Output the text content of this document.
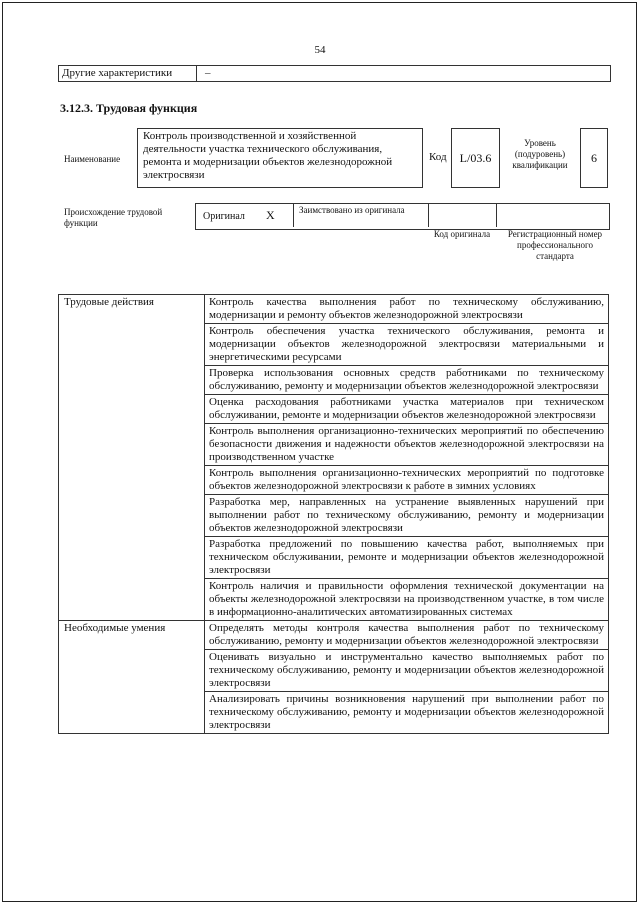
54
Другие характеристики	–
3.12.3. Трудовая функция
Наименование
Контроль производственной и хозяйственной деятельности участка технического обслуживания, ремонта и модернизации объектов железнодорожной электросвязи
Код	L/03.6
Уровень (подуровень) квалификации	6
Происхождение трудовой функции
Оригинал X	Заимствовано из оригинала
Код оригинала	Регистрационный номер профессионального стандарта
Трудовые действия	Контроль качества выполнения работ по техническому обслуживанию, модернизации и ремонту объектов железнодорожной электросвязи
	Контроль обеспечения участка технического обслуживания, ремонта и модернизации объектов железнодорожной электросвязи материальными и энергетическими ресурсами
	Проверка использования основных средств работниками по техническому обслуживанию, ремонту и модернизации объектов железнодорожной электросвязи
	Оценка расходования работниками участка материалов при техническом обслуживании, ремонте и модернизации объектов железнодорожной электросвязи
	Контроль выполнения организационно-технических мероприятий по обеспечению безопасности движения и надежности объектов железнодорожной электросвязи на производственном участке
	Контроль выполнения организационно-технических мероприятий по подготовке объектов железнодорожной электросвязи к работе в зимних условиях
	Разработка мер, направленных на устранение выявленных нарушений при выполнении работ по техническому обслуживанию, ремонту и модернизации объектов железнодорожной электросвязи
	Разработка предложений по повышению качества работ, выполняемых при техническом обслуживании, ремонте и модернизации объектов железнодорожной электросвязи
	Контроль наличия и правильности оформления технической документации на объекты железнодорожной электросвязи на производственном участке, в том числе в информационно-аналитических автоматизированных системах
Необходимые умения	Определять методы контроля качества выполнения работ по техническому обслуживанию, ремонту и модернизации объектов железнодорожной электросвязи
	Оценивать визуально и инструментально качество выполняемых работ по техническому обслуживанию, ремонту и модернизации объектов железнодорожной электросвязи
	Анализировать причины возникновения нарушений при выполнении работ по техническому обслуживанию, ремонту и модернизации объектов железнодорожной электросвязи
